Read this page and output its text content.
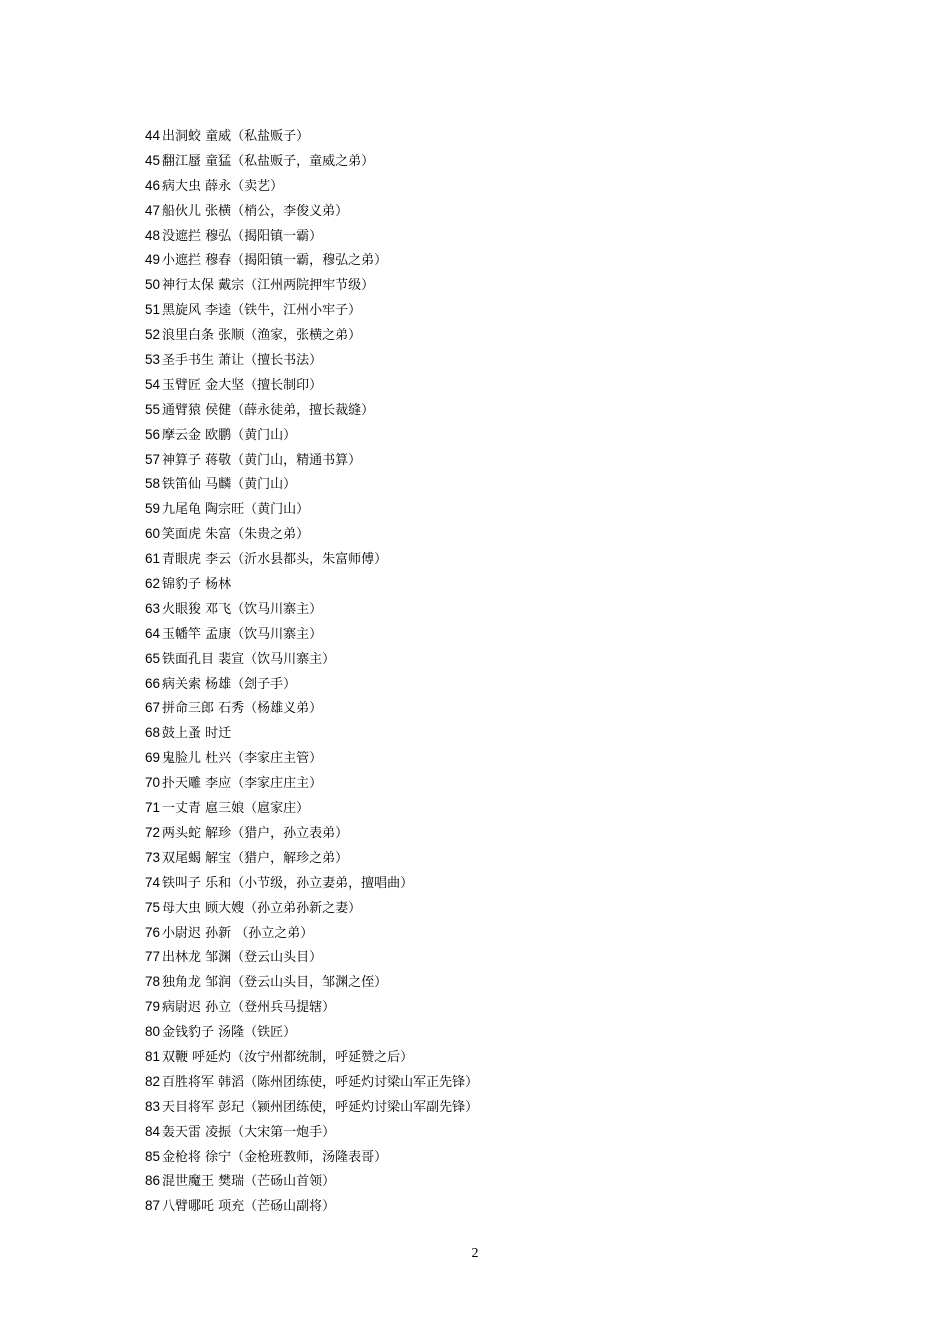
44 出洞蛟 童威（私盐贩子）
45 翻江蜃 童猛（私盐贩子，童威之弟）
46 病大虫 薛永（卖艺）
47 船伙儿 张横（梢公，李俊义弟）
48 没遮拦 穆弘（揭阳镇一霸）
49 小遮拦 穆春（揭阳镇一霸，穆弘之弟）
50 神行太保 戴宗（江州两院押牢节级）
51 黑旋风 李逵（铁牛，江州小牢子）
52 浪里白条 张顺（渔家，张横之弟）
53 圣手书生 萧让（擅长书法）
54 玉臂匠 金大坚（擅长制印）
55 通臂猿 侯健（薛永徒弟，擅长裁缝）
56 摩云金 欧鹏（黄门山）
57 神算子 蒋敬（黄门山，精通书算）
58 铁笛仙 马麟（黄门山）
59 九尾龟 陶宗旺（黄门山）
60 笑面虎 朱富（朱贵之弟）
61 青眼虎 李云（沂水县都头，朱富师傅）
62 锦豹子 杨林
63 火眼狻 邓飞（饮马川寨主）
64 玉幡竿 孟康（饮马川寨主）
65 铁面孔目 裴宣（饮马川寨主）
66 病关索 杨雄（刽子手）
67 拼命三郎 石秀（杨雄义弟）
68 鼓上蚤 时迁
69 鬼脸儿 杜兴（李家庄主管）
70 扑天雕 李应（李家庄庄主）
71 一丈青 扈三娘（扈家庄）
72 两头蛇 解珍（猎户，孙立表弟）
73 双尾蝎 解宝（猎户，解珍之弟）
74 铁叫子 乐和（小节级，孙立妻弟，擅唱曲）
75 母大虫 顾大嫂（孙立弟孙新之妻）
76 小尉迟 孙新 （孙立之弟）
77 出林龙 邹渊（登云山头目）
78 独角龙 邹润（登云山头目，邹渊之侄）
79 病尉迟 孙立（登州兵马提辖）
80 金钱豹子 汤隆（铁匠）
81 双鞭 呼延灼（汝宁州都统制，呼延赞之后）
82 百胜将军 韩滔（陈州团练使，呼延灼讨梁山军正先锋）
83 天目将军 彭玘（颍州团练使，呼延灼讨梁山军副先锋）
84 轰天雷 凌振（大宋第一炮手）
85 金枪将 徐宁（金枪班教师，汤隆表哥）
86 混世魔王 樊瑞（芒砀山首领）
87 八臂哪吒 项充（芒砀山副将）
2
